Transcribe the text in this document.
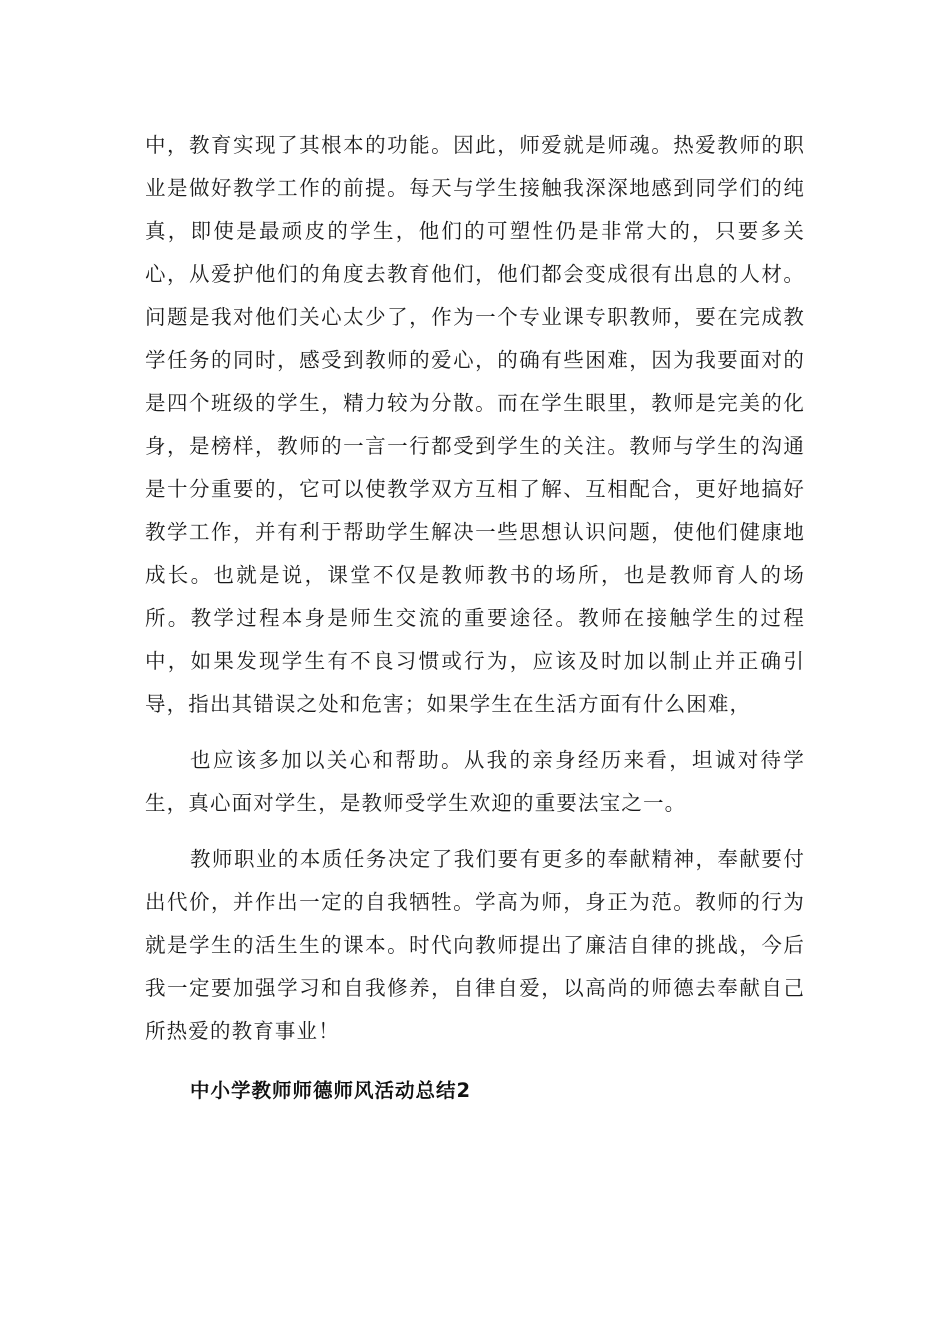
中，教育实现了其根本的功能。因此，师爱就是师魂。热爱教师的职业是做好教学工作的前提。每天与学生接触我深深地感到同学们的纯真，即使是最顽皮的学生，他们的可塑性仍是非常大的，只要多关心，从爱护他们的角度去教育他们，他们都会变成很有出息的人材。问题是我对他们关心太少了，作为一个专业课专职教师，要在完成教学任务的同时，感受到教师的爱心，的确有些困难，因为我要面对的是四个班级的学生，精力较为分散。而在学生眼里，教师是完美的化身，是榜样，教师的一言一行都受到学生的关注。教师与学生的沟通是十分重要的，它可以使教学双方互相了解、互相配合，更好地搞好教学工作，并有利于帮助学生解决一些思想认识问题，使他们健康地成长。也就是说，课堂不仅是教师教书的场所，也是教师育人的场所。教学过程本身是师生交流的重要途径。教师在接触学生的过程中，如果发现学生有不良习惯或行为，应该及时加以制止并正确引导，指出其错误之处和危害；如果学生在生活方面有什么困难，

也应该多加以关心和帮助。从我的亲身经历来看，坦诚对待学生，真心面对学生，是教师受学生欢迎的重要法宝之一。

教师职业的本质任务决定了我们要有更多的奉献精神，奉献要付出代价，并作出一定的自我牺牲。学高为师，身正为范。教师的行为就是学生的活生生的课本。时代向教师提出了廉洁自律的挑战，今后我一定要加强学习和自我修养，自律自爱，以高尚的师德去奉献自己所热爱的教育事业！

中小学教师师德师风活动总结2
